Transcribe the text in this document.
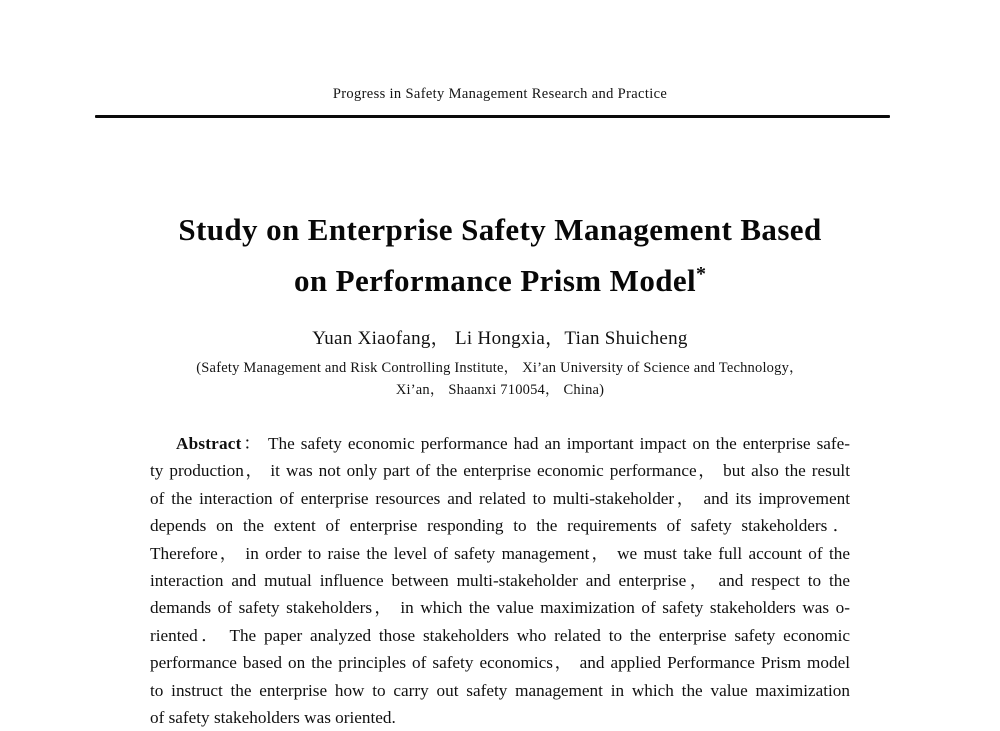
Progress in Safety Management Research and Practice
Study on Enterprise Safety Management Based
on Performance Prism Model*
Yuan Xiaofang， Li Hongxia，Tian Shuicheng
(Safety Management and Risk Controlling Institute， Xi’an University of Science and Technology，
Xi’an， Shaanxi 710054， China)
Abstract： The safety economic performance had an important impact on the enterprise safe-
ty production， it was not only part of the enterprise economic performance， but also the result
of the interaction of enterprise resources and related to multi-stakeholder， and its improvement
depends on the extent of enterprise responding to the requirements of safety stakeholders．
Therefore， in order to raise the level of safety management， we must take full account of the
interaction and mutual influence between multi-stakeholder and enterprise， and respect to the
demands of safety stakeholders， in which the value maximization of safety stakeholders was o-
riented． The paper analyzed those stakeholders who related to the enterprise safety economic
performance based on the principles of safety economics， and applied Performance Prism model
to instruct the enterprise how to carry out safety management in which the value maximization
of safety stakeholders was oriented.
